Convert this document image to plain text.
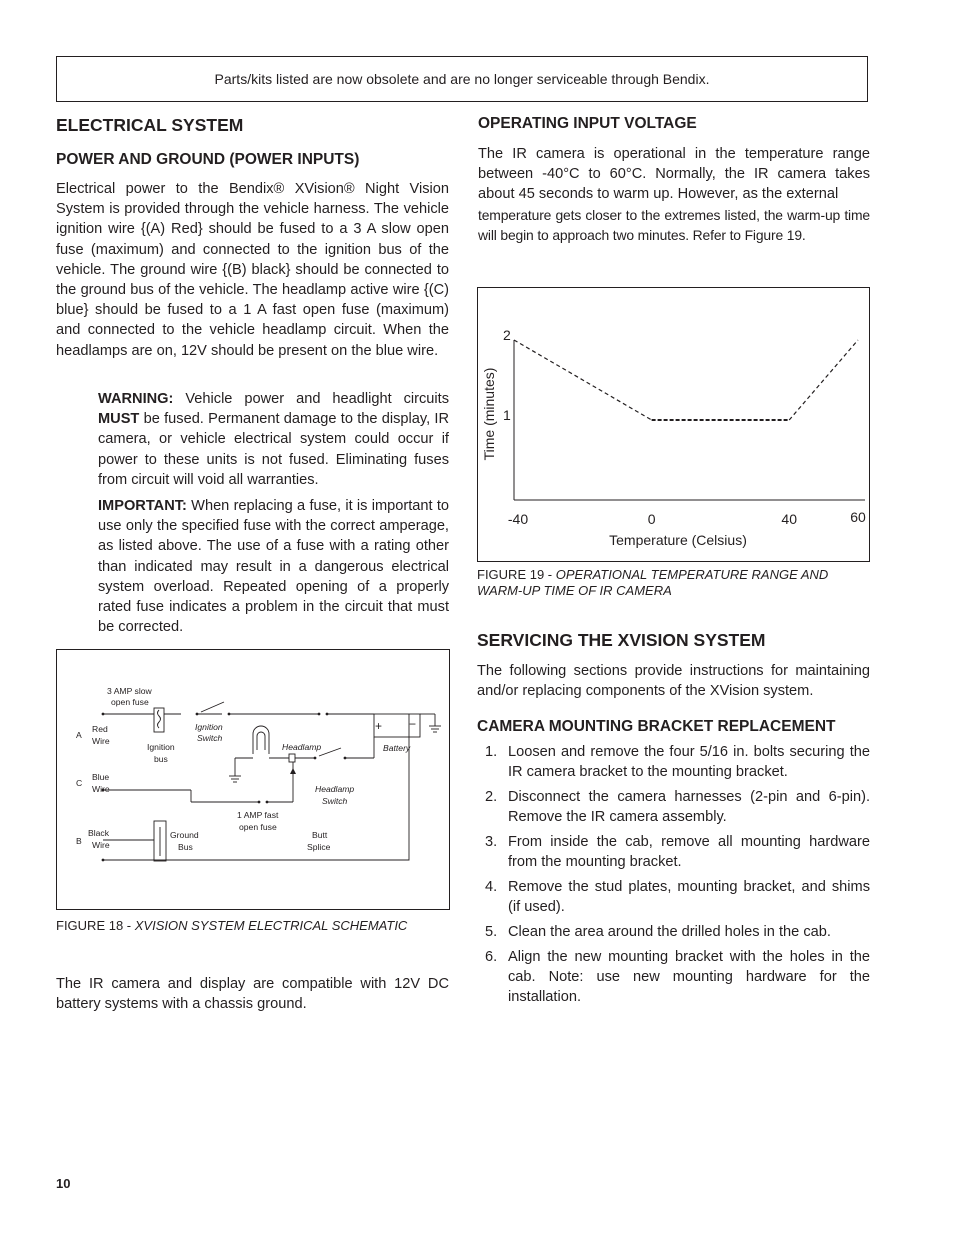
Parts/kits listed are now obsolete and are no longer serviceable through Bendix.
ELECTRICAL SYSTEM
POWER AND GROUND (POWER INPUTS)

Electrical power to the Bendix® XVision® Night Vision System is provided through the vehicle harness. The vehicle ignition wire {(A) Red} should be fused to a 3 A slow open fuse (maximum) and connected to the ignition bus of the vehicle. The ground wire {(B) black} should be connected to the ground bus of the vehicle. The headlamp active wire {(C) blue} should be fused to a 1 A fast open fuse (maximum) and connected to the vehicle headlamp circuit. When the headlamps are on, 12V should be present on the blue wire.

WARNING: Vehicle power and headlight circuits MUST be fused. Permanent damage to the display, IR camera, or vehicle electrical system could occur if power to these units is not fused. Eliminating fuses from circuit will void all warranties.

IMPORTANT: When replacing a fuse, it is important to use only the specified fuse with the correct amperage, as listed above. The use of a fuse with a rating other than indicated may result in a dangerous electrical system overload. Repeated opening of a properly rated fuse indicates a problem in the circuit that must be corrected.

3 AMP slow
open fuse
A
Red
Wire
Ignition
bus
Ignition
Switch
Headlamp	Battery
+ −
C
Blue
Wire	Headlamp
Switch
1 AMP fast
open fuse
B
Black
Wire
Ground
Bus
Butt
Splice
FIGURE 18 - XVISION SYSTEM ELECTRICAL SCHEMATIC

The IR camera and display are compatible with 12V DC battery systems with a chassis ground.

OPERATING INPUT VOLTAGE

The IR camera is operational in the temperature range between -40°C to 60°C. Normally, the IR camera takes about 45 seconds to warm up. However, as the external

temperature gets closer to the extremes listed, the warm-up time will begin to approach two minutes. Refer to Figure 19.

Time (minutes)
Temperature (Celsius)
-40	0	40	60
1
2
FIGURE 19 - OPERATIONAL TEMPERATURE RANGE AND WARM-UP TIME OF IR CAMERA
SERVICING THE XVISION SYSTEM

The following sections provide instructions for maintaining and/or replacing components of the XVision system.

CAMERA MOUNTING BRACKET REPLACEMENT
1. Loosen and remove the four 5/16 in. bolts securing the IR camera bracket to the mounting bracket.
2. Disconnect the camera harnesses (2-pin and 6-pin). Remove the IR camera assembly.
3. From inside the cab, remove all mounting hardware from the mounting bracket.
4. Remove the stud plates, mounting bracket, and shims (if used).
5. Clean the area around the drilled holes in the cab.
6. Align the new mounting bracket with the holes in the cab. Note: use new mounting hardware for the installation.
10
